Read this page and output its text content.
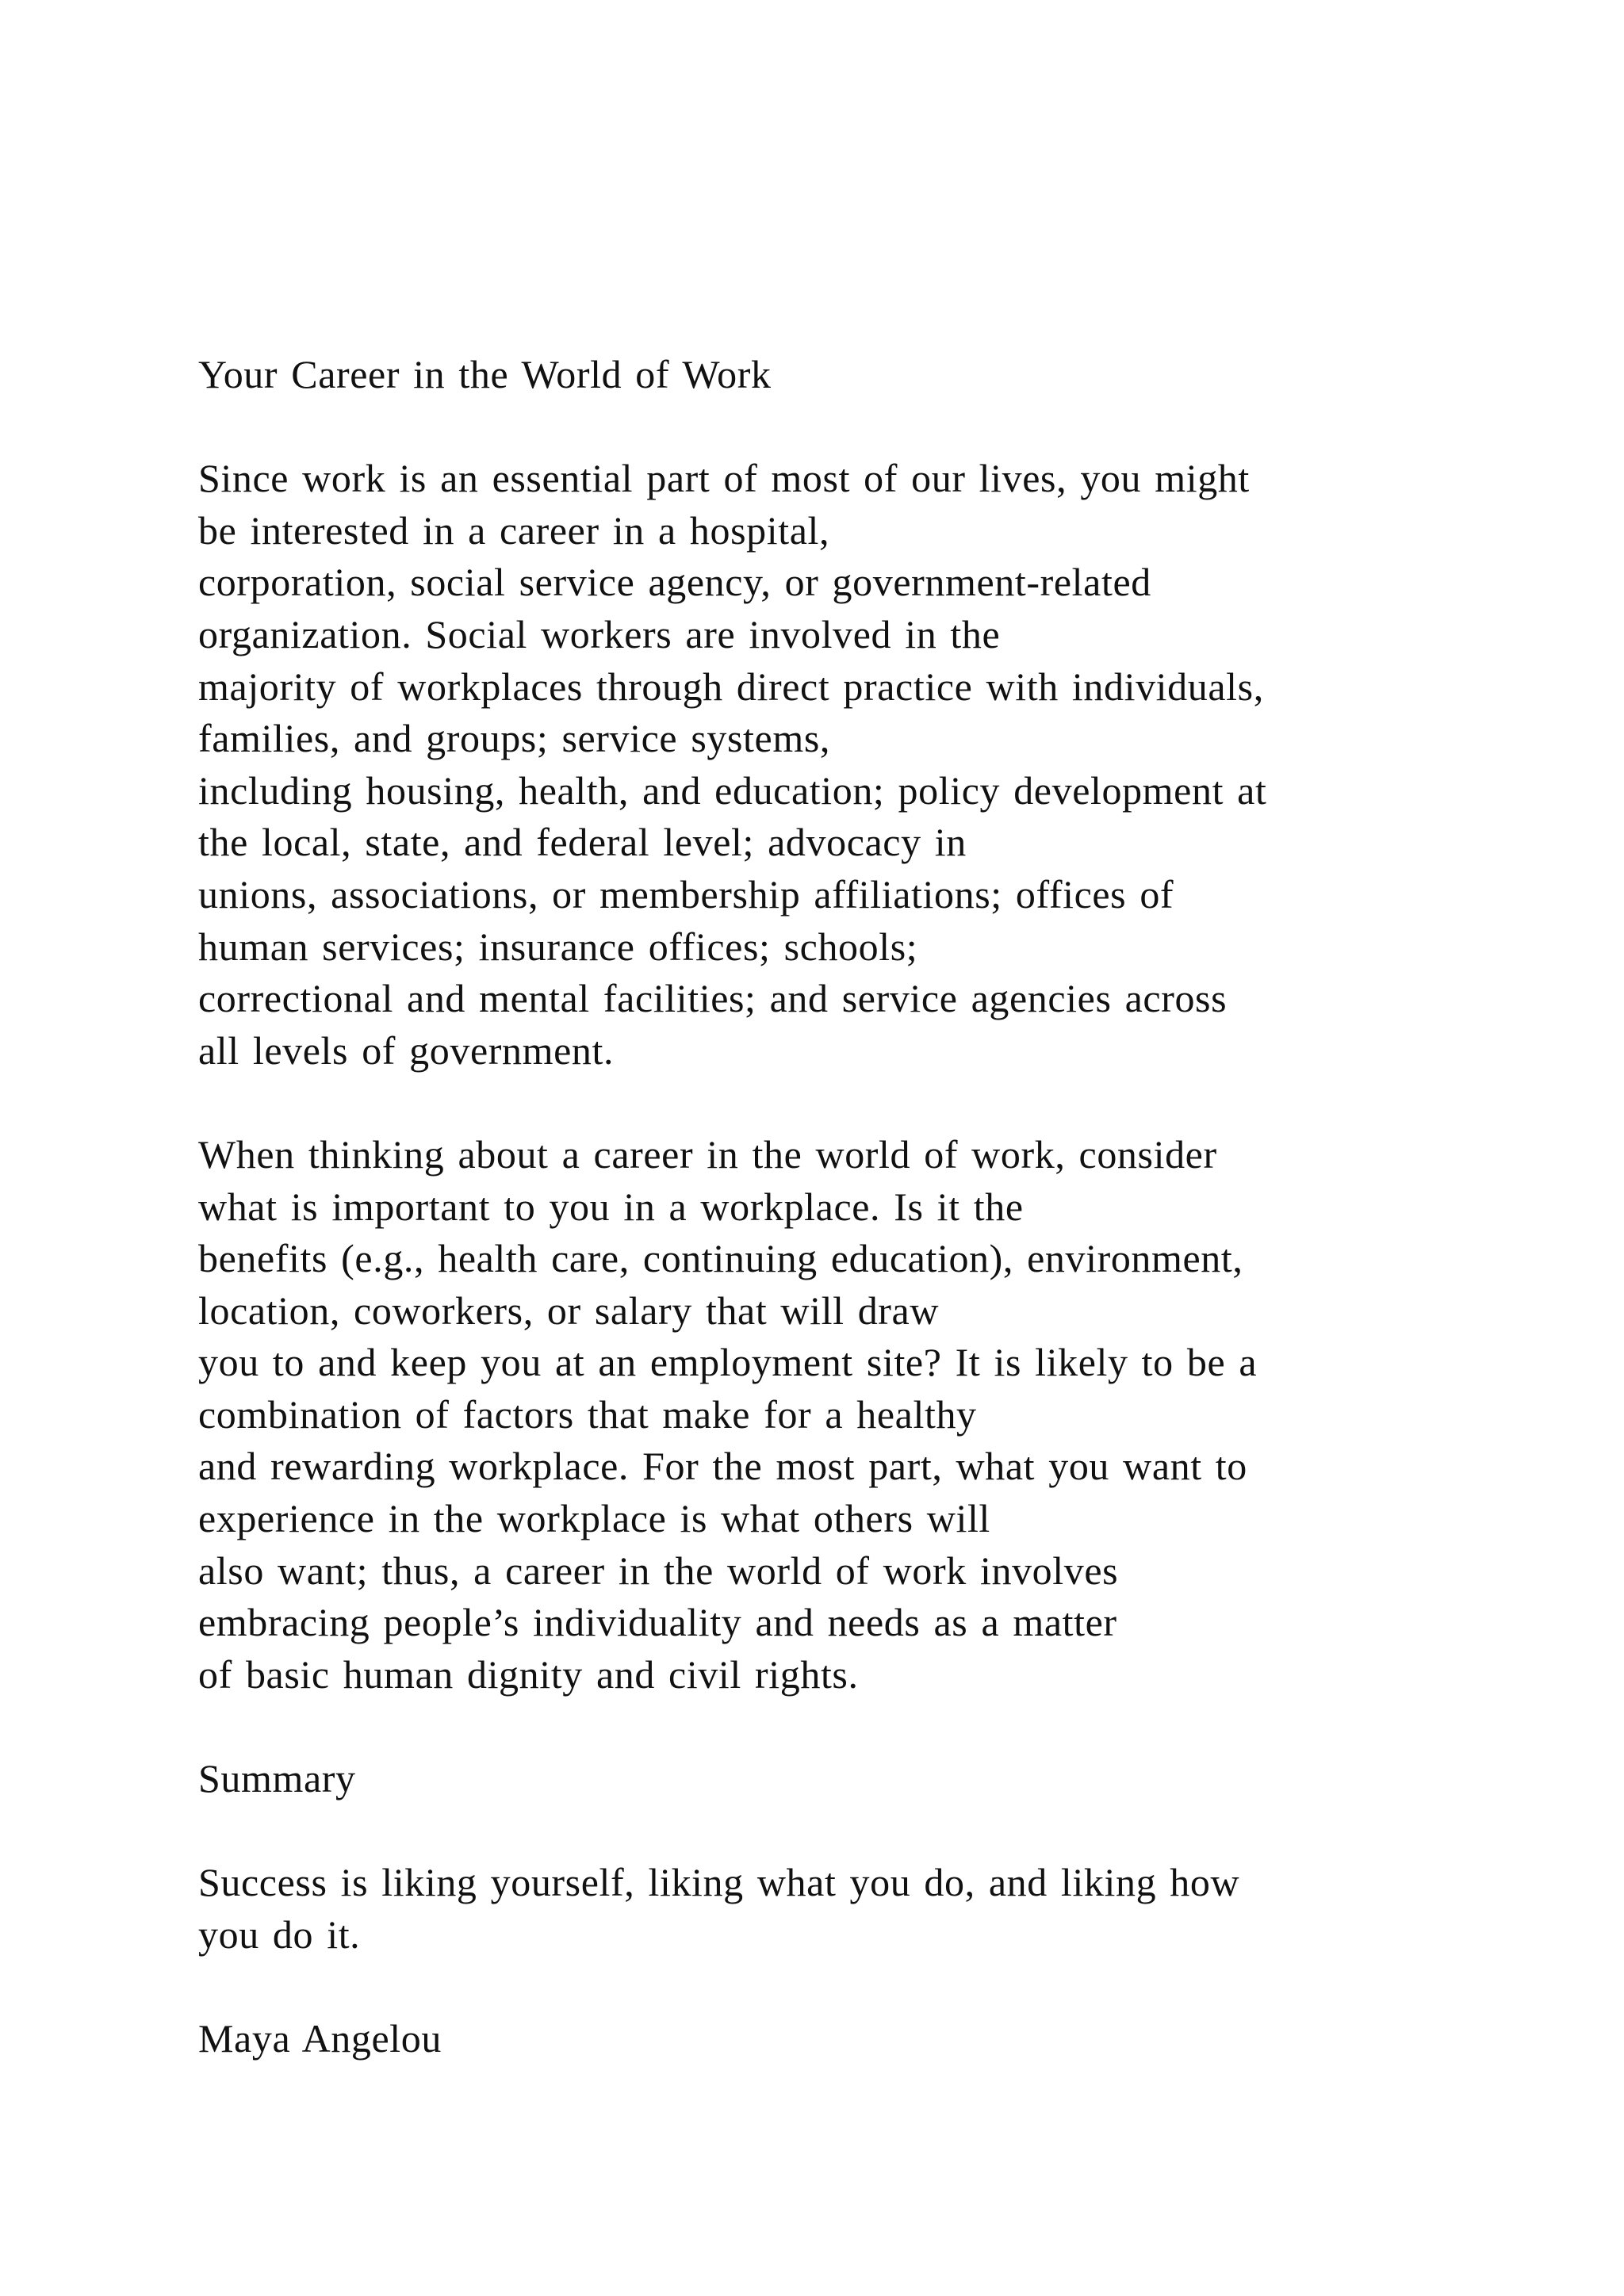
Your Career in the World of Work
Since work is an essential part of most of our lives, you might
be interested in a career in a hospital,
corporation, social service agency, or government-related
organization. Social workers are involved in the
majority of workplaces through direct practice with individuals,
families, and groups; service systems,
including housing, health, and education; policy development at
the local, state, and federal level; advocacy in
unions, associations, or membership affiliations; offices of
human services; insurance offices; schools;
correctional and mental facilities; and service agencies across
all levels of government.
When thinking about a career in the world of work, consider
what is important to you in a workplace. Is it the
benefits (e.g., health care, continuing education), environment,
location, coworkers, or salary that will draw
you to and keep you at an employment site? It is likely to be a
combination of factors that make for a healthy
and rewarding workplace. For the most part, what you want to
experience in the workplace is what others will
also want; thus, a career in the world of work involves
embracing people’s individuality and needs as a matter
of basic human dignity and civil rights.
Summary
Success is liking yourself, liking what you do, and liking how
you do it.
Maya Angelou
